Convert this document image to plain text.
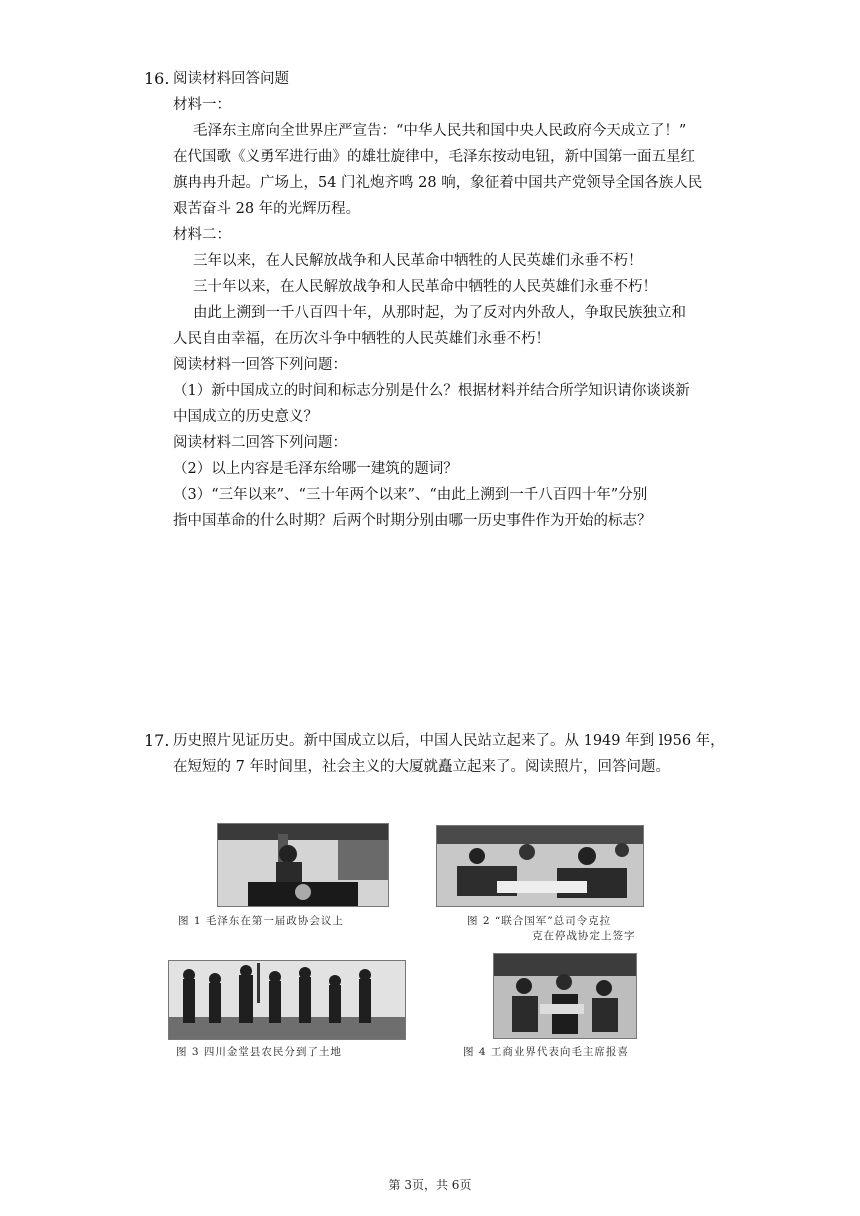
16. 阅读材料回答问题
材料一：
毛泽东主席向全世界庄严宣告：“中华人民共和国中央人民政府今天成立了！”
在代国歌《义勇军进行曲》的雄壮旋律中，毛泽东按动电钮，新中国第一面五星红
旗冉冉升起。广场上，54 门礼炮齐鸣 28 响，象征着中国共产党领导全国各族人民
艰苦奋斗 28 年的光辉历程。
材料二：
三年以来，在人民解放战争和人民革命中牺牲的人民英雄们永垂不朽！
三十年以来，在人民解放战争和人民革命中牺牲的人民英雄们永垂不朽！
由此上溯到一千八百四十年，从那时起，为了反对内外敌人，争取民族独立和
人民自由幸福，在历次斗争中牺牲的人民英雄们永垂不朽！
阅读材料一回答下列问题：
（1）新中国成立的时间和标志分别是什么？根据材料并结合所学知识请你谈谈新
中国成立的历史意义？
阅读材料二回答下列问题：
（2）以上内容是毛泽东给哪一建筑的题词？
（3）“三年以来”、“三十年两个以来”、“由此上溯到一千八百四十年”分别
指中国革命的什么时期？后两个时期分别由哪一历史事件作为开始的标志？
17. 历史照片见证历史。新中国成立以后，中国人民站立起来了。从 1949 年到 l956 年，
在短短的 7 年时间里，社会主义的大厦就矗立起来了。阅读照片，回答问题。
图 1 毛泽东在第一届政协会议上	图 2 “联合国军”总司令克拉
克在停战协定上签字
图 3 四川金堂县农民分到了土地	图 4 工商业界代表向毛主席报喜
第 3页，共 6页
